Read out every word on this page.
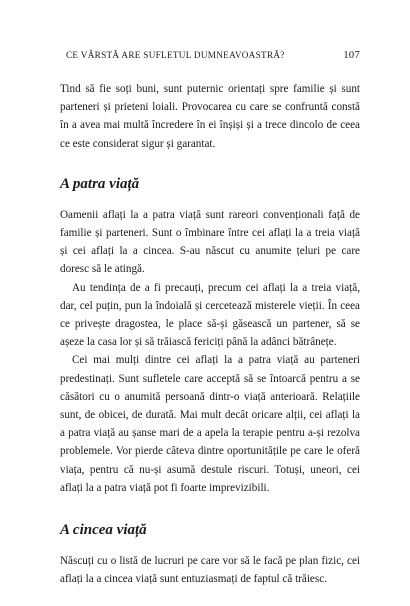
CE VÂRSTĂ ARE SUFLETUL DUMNEAVOASTRĂ?	107

Tind să fie soți buni, sunt puternic orientați spre familie și sunt parteneri și prieteni loiali. Provocarea cu care se confruntă constă în a avea mai multă încredere în ei înșiși și a trece dincolo de ceea ce este considerat sigur și garantat.

A patra viață

Oamenii aflați la a patra viață sunt rareori convenționali față de familie și parteneri. Sunt o îmbinare între cei aflați la a treia viață și cei aflați la a cincea. S-au născut cu anumite țeluri pe care doresc să le atingă.

Au tendința de a fi precauți, precum cei aflați la a treia viață, dar, cel puțin, pun la îndoială și cercetează misterele vieții. În ceea ce privește dragostea, le place să-și găsească un partener, să se așeze la casa lor și să trăiască fericiți până la adânci bătrânețe.

Cei mai mulți dintre cei aflați la a patra viață au parteneri predestinați. Sunt sufletele care acceptă să se întoarcă pentru a se căsători cu o anumită persoană dintr-o viață anterioară. Relațiile sunt, de obicei, de durată. Mai mult decât oricare alții, cei aflați la a patra viață au șanse mari de a apela la terapie pentru a-și rezolva problemele. Vor pierde câteva dintre oportunitățile pe care le oferă viața, pentru că nu-și asumă destule riscuri. Totuși, uneori, cei aflați la a patra viață pot fi foarte imprevizibili.

A cincea viață

Născuți cu o listă de lucruri pe care vor să le facă pe plan fizic, cei aflați la a cincea viață sunt entuziasmați de faptul că trăiesc.
